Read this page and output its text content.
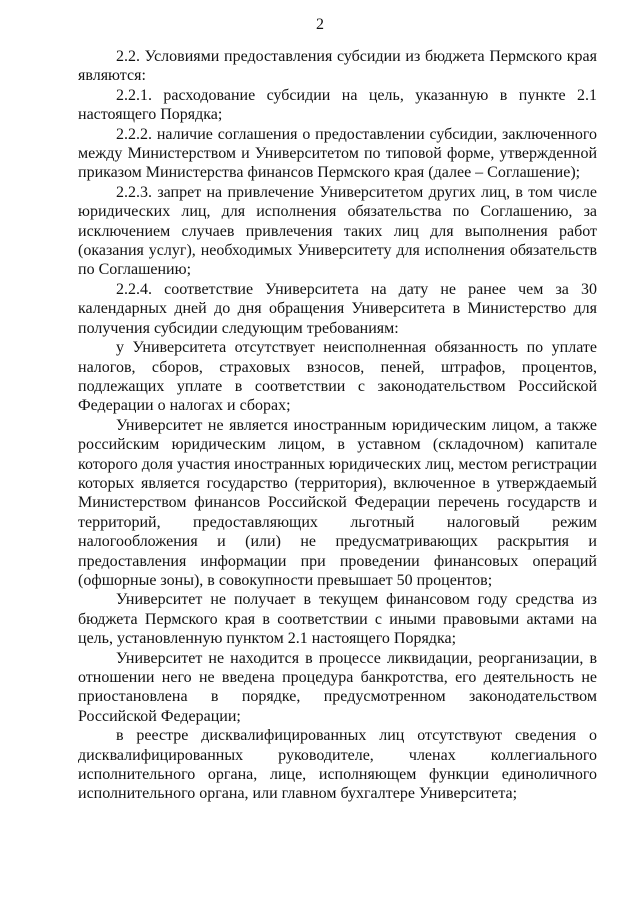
2

2.2. Условиями предоставления субсидии из бюджета Пермского края являются:

2.2.1. расходование субсидии на цель, указанную в пункте 2.1 настоящего Порядка;

2.2.2. наличие соглашения о предоставлении субсидии, заключенного между Министерством и Университетом по типовой форме, утвержденной приказом Министерства финансов Пермского края (далее – Соглашение);

2.2.3. запрет на привлечение Университетом других лиц, в том числе юридических лиц, для исполнения обязательства по Соглашению, за исключением случаев привлечения таких лиц для выполнения работ (оказания услуг), необходимых Университету для исполнения обязательств по Соглашению;

2.2.4. соответствие Университета на дату не ранее чем за 30 календарных дней до дня обращения Университета в Министерство для получения субсидии следующим требованиям:

у Университета отсутствует неисполненная обязанность по уплате налогов, сборов, страховых взносов, пеней, штрафов, процентов, подлежащих уплате в соответствии с законодательством Российской Федерации о налогах и сборах;

Университет не является иностранным юридическим лицом, а также российским юридическим лицом, в уставном (складочном) капитале которого доля участия иностранных юридических лиц, местом регистрации которых является государство (территория), включенное в утверждаемый Министерством финансов Российской Федерации перечень государств и территорий, предоставляющих льготный налоговый режим налогообложения и (или) не предусматривающих раскрытия и предоставления информации при проведении финансовых операций (офшорные зоны), в совокупности превышает 50 процентов;

Университет не получает в текущем финансовом году средства из бюджета Пермского края в соответствии с иными правовыми актами на цель, установленную пунктом 2.1 настоящего Порядка;

Университет не находится в процессе ликвидации, реорганизации, в отношении него не введена процедура банкротства, его деятельность не приостановлена в порядке, предусмотренном законодательством Российской Федерации;

в реестре дисквалифицированных лиц отсутствуют сведения о дисквалифицированных руководителе, членах коллегиального исполнительного органа, лице, исполняющем функции единоличного исполнительного органа, или главном бухгалтере Университета;
